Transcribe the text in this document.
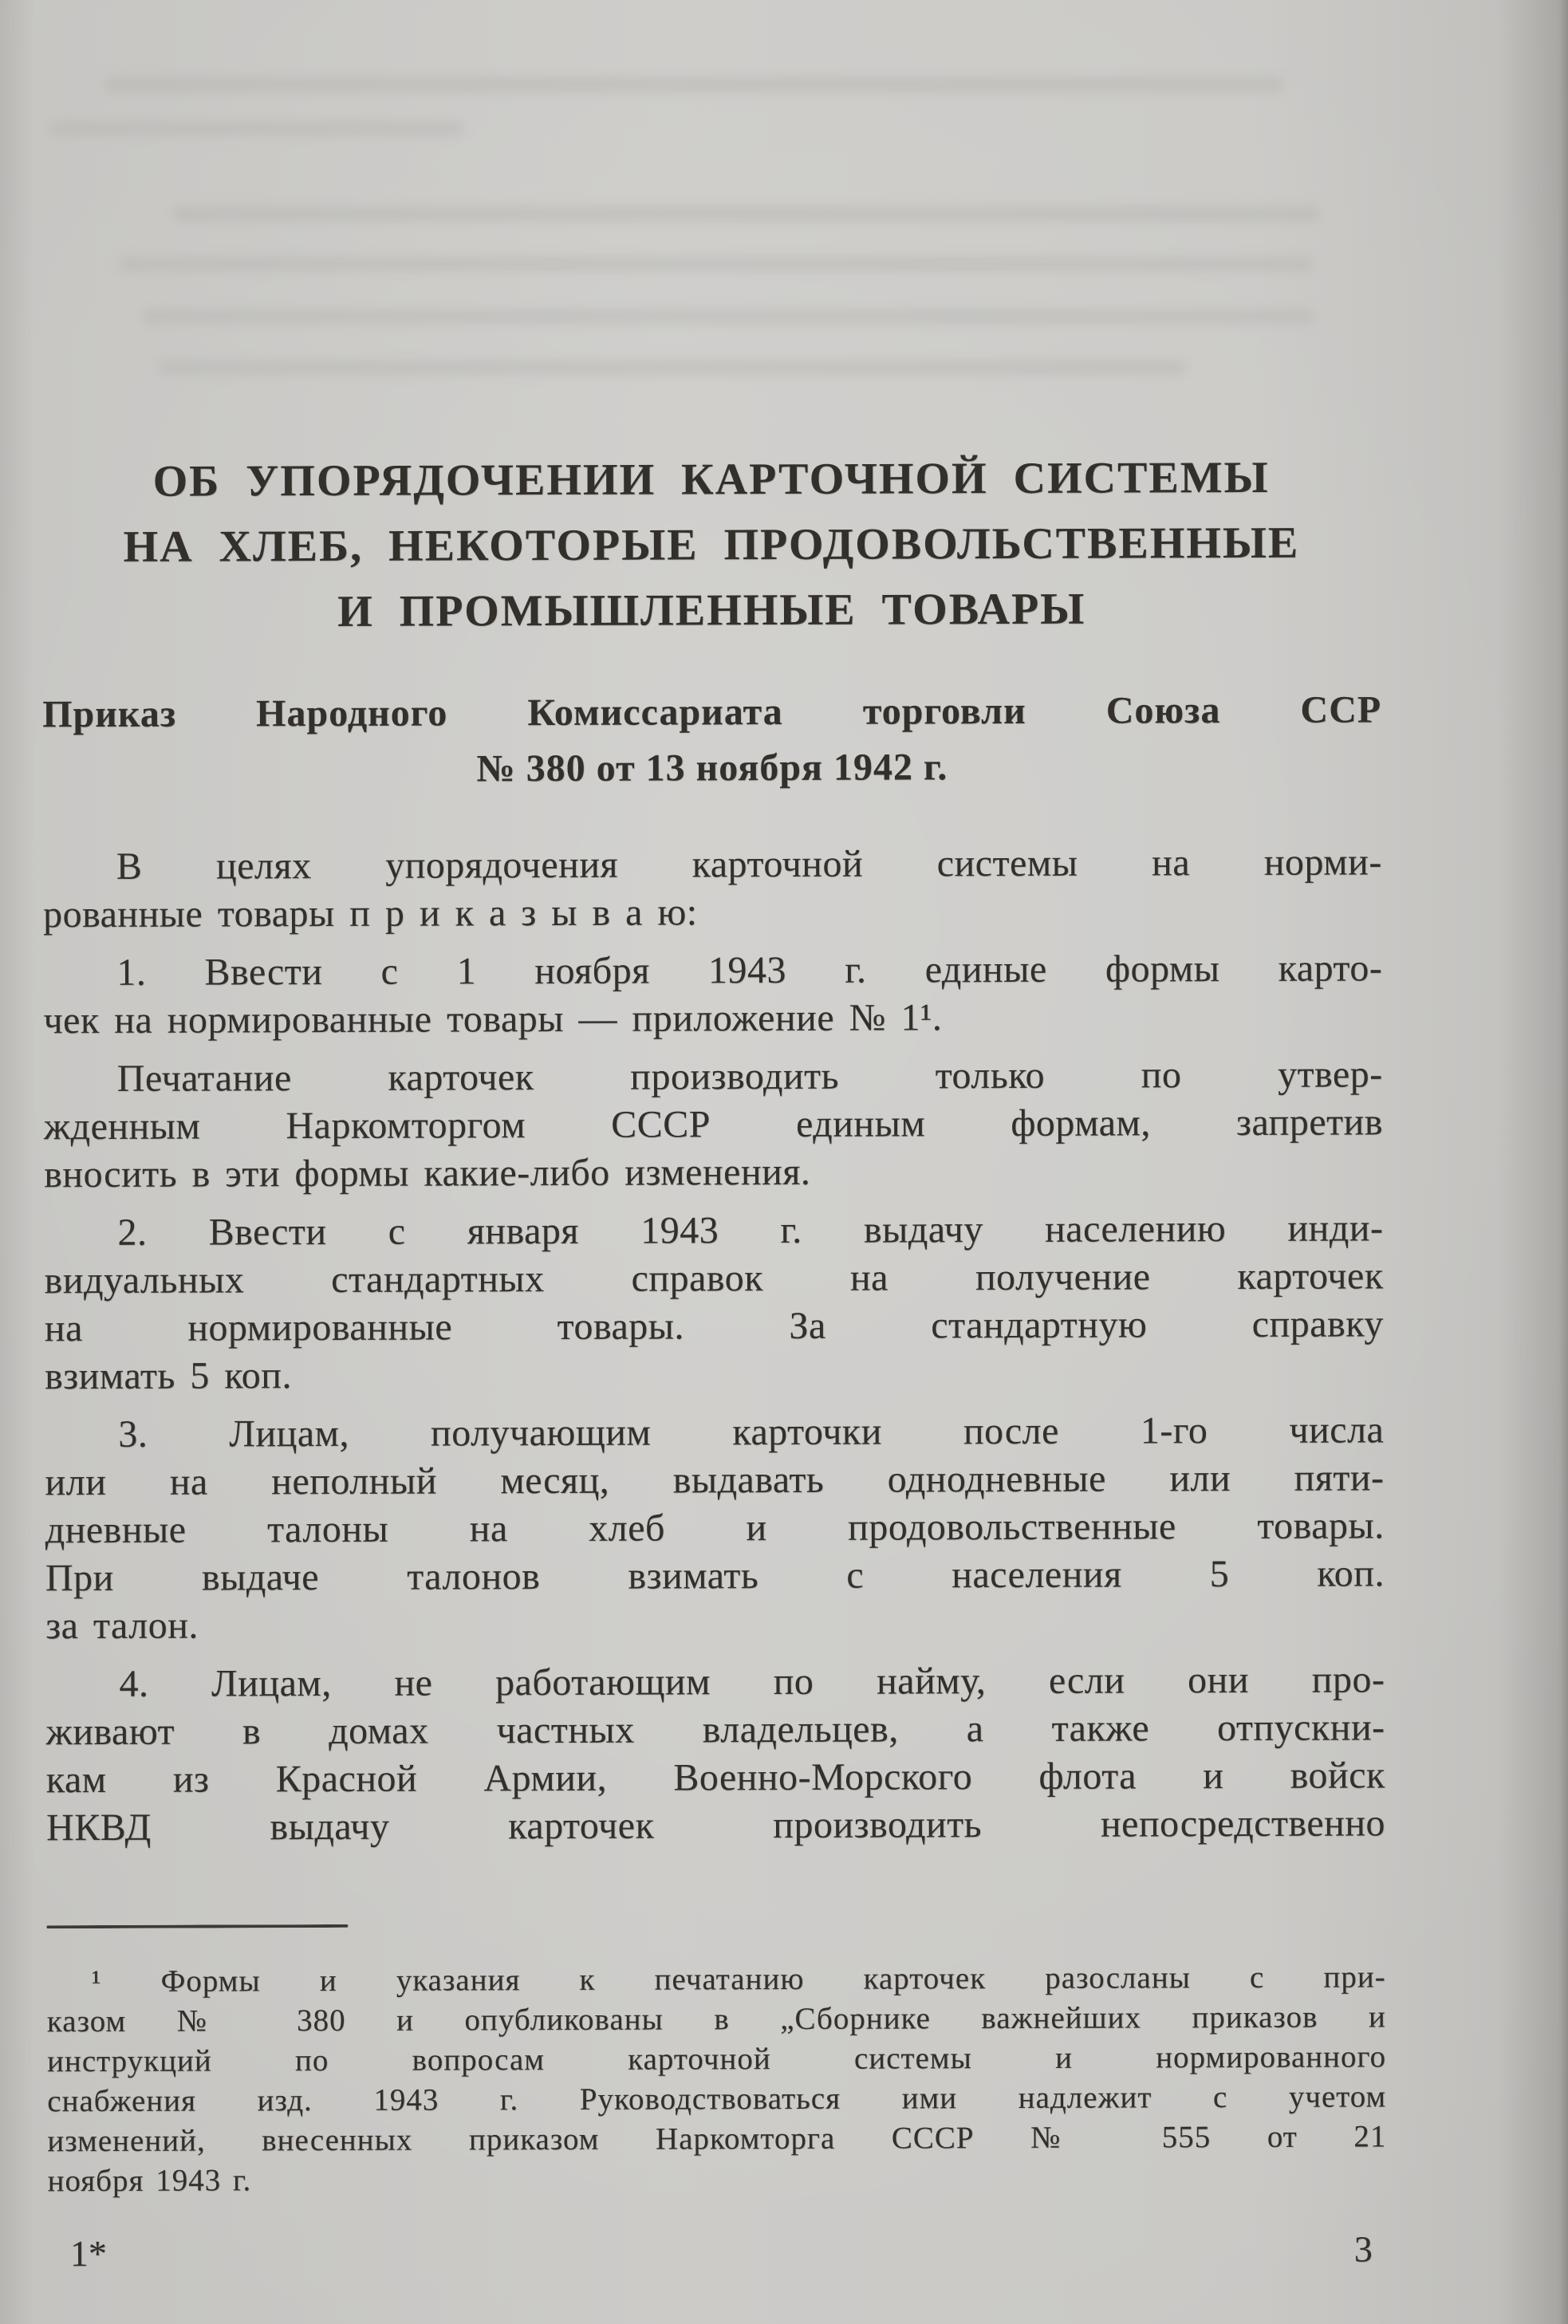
ОБ УПОРЯДОЧЕНИИ КАРТОЧНОЙ СИСТЕМЫ
НА ХЛЕБ, НЕКОТОРЫЕ ПРОДОВОЛЬСТВЕННЫЕ
И ПРОМЫШЛЕННЫЕ ТОВАРЫ
Приказ Народного Комиссариата торговли Союза ССР
№ 380 от 13 ноября 1942 г.
В целях упорядочения карточной системы на норми-
рованные товары п р и к а з ы в а ю:
1. Ввести с 1 ноября 1943 г. единые формы карто-
чек на нормированные товары — приложение № 1¹.
Печатание карточек производить только по утвер-
жденным Наркомторгом СССР единым формам, запретив
вносить в эти формы какие-либо изменения.
2. Ввести с января 1943 г. выдачу населению инди-
видуальных стандартных справок на получение карточек
на нормированные товары. За стандартную справку
взимать 5 коп.
3. Лицам, получающим карточки после 1-го числа
или на неполный месяц, выдавать однодневные или пяти-
дневные талоны на хлеб и продовольственные товары.
При выдаче талонов взимать с населения 5 коп.
за талон.
4. Лицам, не работающим по найму, если они про-
живают в домах частных владельцев, а также отпускни-
кам из Красной Армии, Военно-Морского флота и войск
НКВД выдачу карточек производить непосредственно
¹ Формы и указания к печатанию карточек разосланы с при-
казом № 380 и опубликованы в „Сборнике важнейших приказов и
инструкций по вопросам карточной системы и нормированного
снабжения изд. 1943 г. Руководствоваться ими надлежит с учетом
изменений, внесенных приказом Наркомторга СССР № 555 от 21
ноября 1943 г.
1*	3
